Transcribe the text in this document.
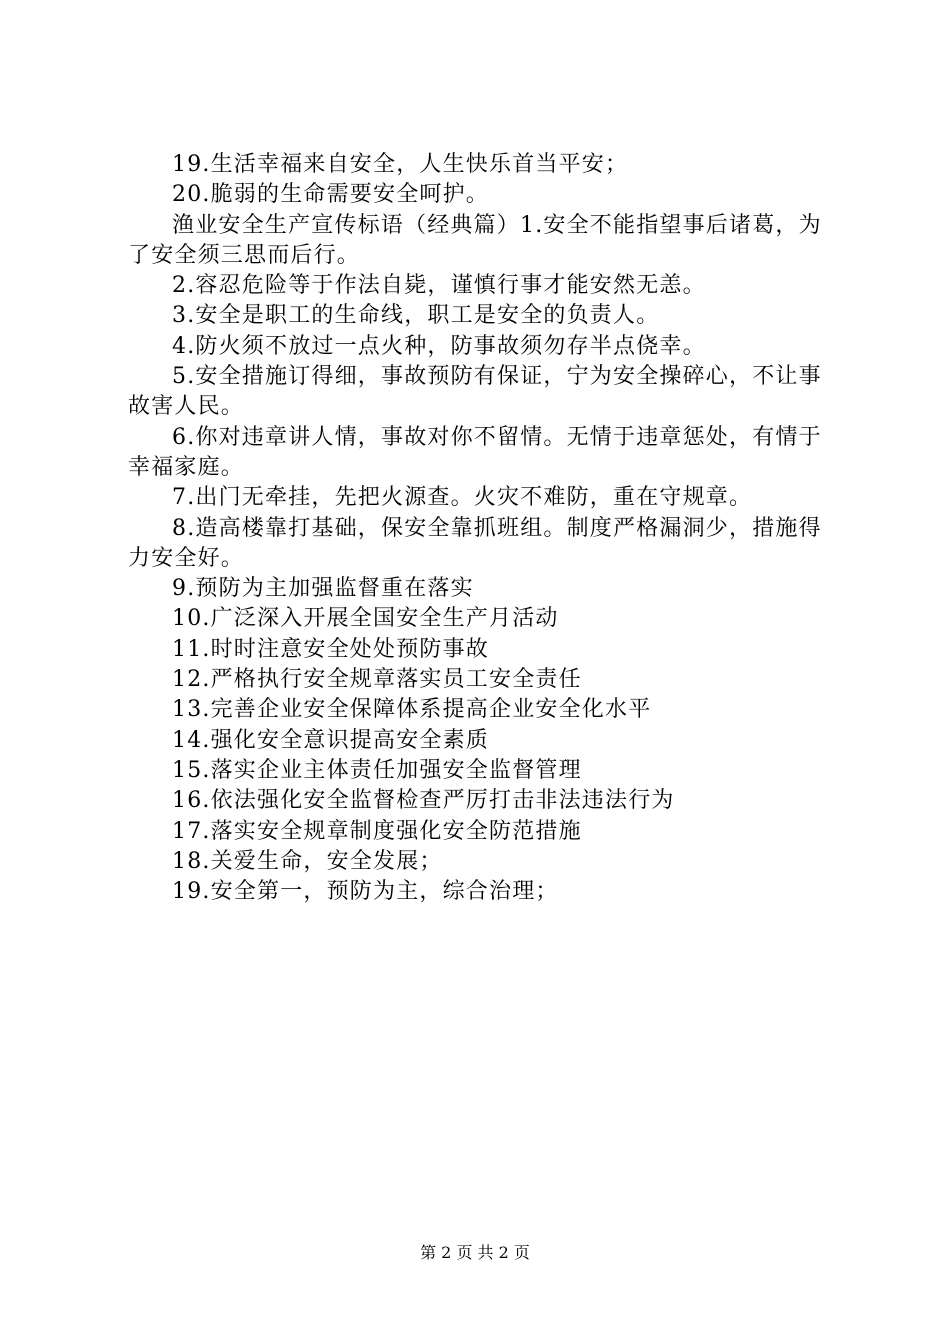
19.生活幸福来自安全，人生快乐首当平安；

20.脆弱的生命需要安全呵护。

渔业安全生产宣传标语（经典篇）1.安全不能指望事后诸葛，为了安全须三思而后行。

2.容忍危险等于作法自毙，谨慎行事才能安然无恙。

3.安全是职工的生命线，职工是安全的负责人。

4.防火须不放过一点火种，防事故须勿存半点侥幸。

5.安全措施订得细，事故预防有保证，宁为安全操碎心，不让事故害人民。

6.你对违章讲人情，事故对你不留情。无情于违章惩处，有情于幸福家庭。

7.出门无牵挂，先把火源查。火灾不难防，重在守规章。

8.造高楼靠打基础，保安全靠抓班组。制度严格漏洞少，措施得力安全好。

9.预防为主加强监督重在落实

10.广泛深入开展全国安全生产月活动

11.时时注意安全处处预防事故

12.严格执行安全规章落实员工安全责任

13.完善企业安全保障体系提高企业安全化水平

14.强化安全意识提高安全素质

15.落实企业主体责任加强安全监督管理

16.依法强化安全监督检查严厉打击非法违法行为

17.落实安全规章制度强化安全防范措施

18.关爱生命，安全发展；

19.安全第一，预防为主，综合治理；

第 2 页 共 2 页
